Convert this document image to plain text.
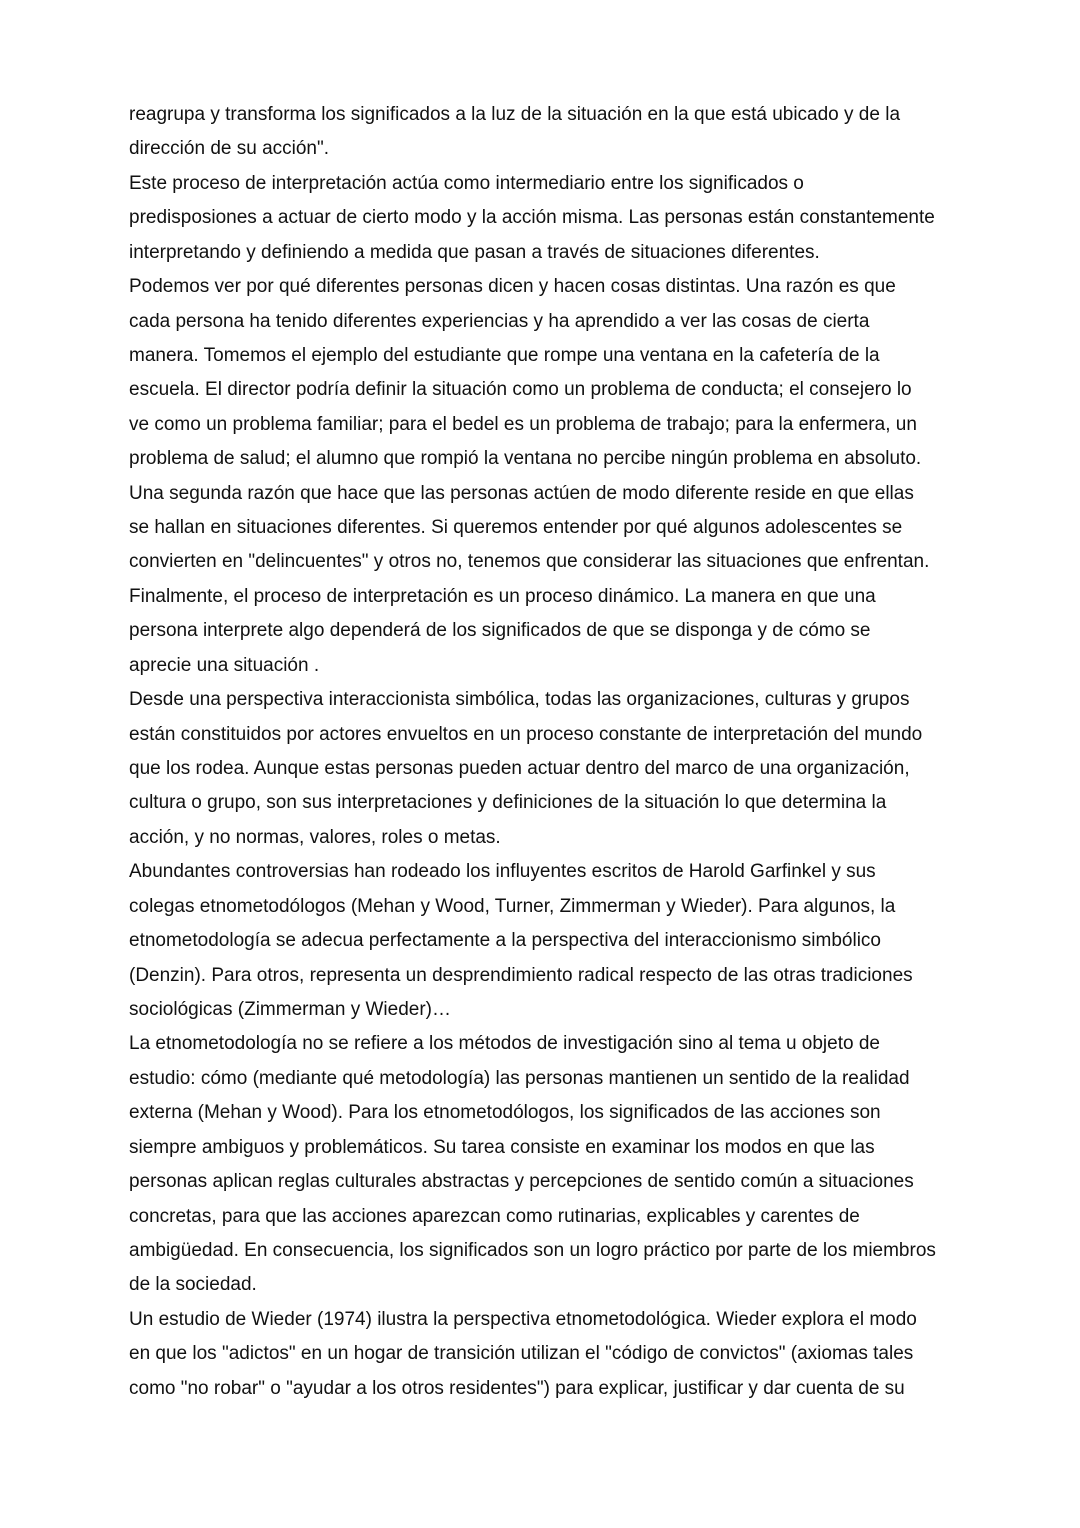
reagrupa y transforma los significados a la luz de la situación en la que está ubicado y de la
dirección de su acción".
Este proceso de interpretación actúa como intermediario entre los significados o
predisposiones a actuar de cierto modo y la acción misma. Las personas están constantemente
interpretando y definiendo a medida que pasan a través de situaciones diferentes.
Podemos ver por qué diferentes personas dicen y hacen cosas distintas. Una razón es que
cada persona ha tenido diferentes experiencias y ha aprendido a ver las cosas de cierta
manera. Tomemos el ejemplo del estudiante que rompe una ventana en la cafetería de la
escuela. El director podría definir la situación como un problema de conducta; el consejero lo
ve como un problema familiar; para el bedel es un problema de trabajo; para la enfermera, un
problema de salud; el alumno que rompió la ventana no percibe ningún problema en absoluto.
Una segunda razón que hace que las personas actúen de modo diferente reside en que ellas
se hallan en situaciones diferentes. Si queremos entender por qué algunos adolescentes se
convierten en "delincuentes" y otros no, tenemos que considerar las situaciones que enfrentan.
Finalmente, el proceso de interpretación es un proceso dinámico. La manera en que una
persona interprete algo dependerá de los significados de que se disponga y de cómo se
aprecie una situación .
Desde una perspectiva interaccionista simbólica, todas las organizaciones, culturas y grupos
están constituidos por actores envueltos en un proceso constante de interpretación del mundo
que los rodea. Aunque estas personas pueden actuar dentro del marco de una organización,
cultura o grupo, son sus interpretaciones y definiciones de la situación lo que determina la
acción, y no normas, valores, roles o metas.
Abundantes controversias han rodeado los influyentes escritos de Harold Garfinkel y sus
colegas etnometodólogos (Mehan y Wood, Turner, Zimmerman y Wieder). Para algunos, la
etnometodología se adecua perfectamente a la perspectiva del interaccionismo simbólico
(Denzin). Para otros, representa un desprendimiento radical respecto de las otras tradiciones
sociológicas (Zimmerman y Wieder)…
La etnometodología no se refiere a los métodos de investigación sino al tema u objeto de
estudio: cómo (mediante qué metodología) las personas mantienen un sentido de la realidad
externa (Mehan y Wood). Para los etnometodólogos, los significados de las acciones son
siempre ambiguos y problemáticos. Su tarea consiste en examinar los modos en que las
personas aplican reglas culturales abstractas y percepciones de sentido común a situaciones
concretas, para que las acciones aparezcan como rutinarias, explicables y carentes de
ambigüedad. En consecuencia, los significados son un logro práctico por parte de los miembros
de la sociedad.
Un estudio de Wieder (1974) ilustra la perspectiva etnometodológica. Wieder explora el modo
en que los "adictos" en un hogar de transición utilizan el "código de convictos" (axiomas tales
como "no robar" o "ayudar a los otros residentes") para explicar, justificar y dar cuenta de su
